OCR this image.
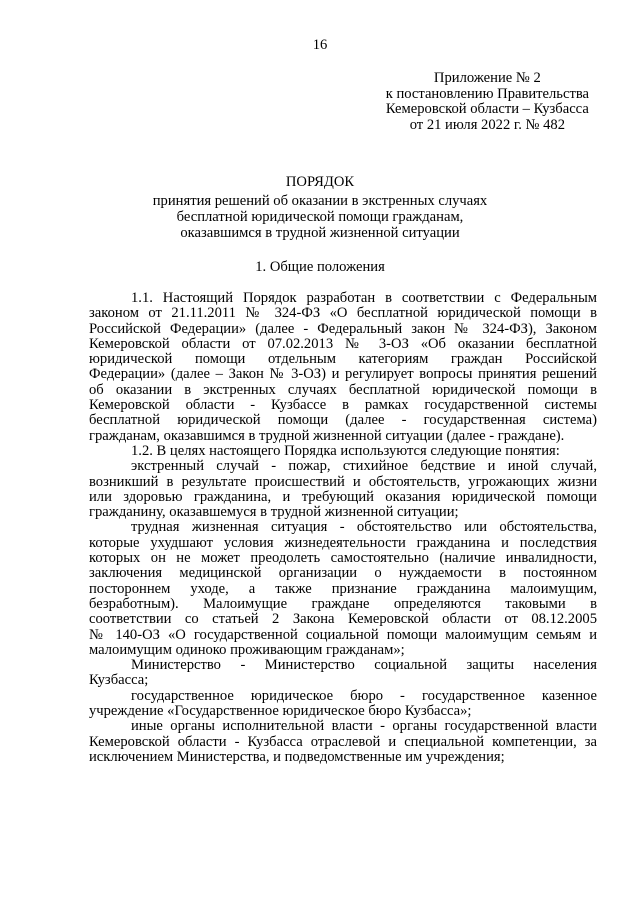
16
Приложение № 2
к постановлению Правительства
Кемеровской области – Кузбасса
от 21 июля 2022 г. № 482
ПОРЯДОК
принятия решений об оказании в экстренных случаях
бесплатной юридической помощи гражданам,
оказавшимся в трудной жизненной ситуации
1. Общие положения
1.1. Настоящий Порядок разработан в соответствии с Федеральным
законом от 21.11.2011 № 324-ФЗ «О бесплатной юридической помощи в
Российской Федерации» (далее - Федеральный закон № 324-ФЗ), Законом
Кемеровской области от 07.02.2013 № 3-ОЗ «Об оказании бесплатной
юридической помощи отдельным категориям граждан Российской
Федерации» (далее – Закон № 3-ОЗ) и регулирует вопросы принятия решений
об оказании в экстренных случаях бесплатной юридической помощи в
Кемеровской области - Кузбассе в рамках государственной системы
бесплатной юридической помощи (далее - государственная система)
гражданам, оказавшимся в трудной жизненной ситуации (далее - граждане).
1.2. В целях настоящего Порядка используются следующие понятия:
экстренный случай - пожар, стихийное бедствие и иной случай,
возникший в результате происшествий и обстоятельств, угрожающих жизни
или здоровью гражданина, и требующий оказания юридической помощи
гражданину, оказавшемуся в трудной жизненной ситуации;
трудная жизненная ситуация - обстоятельство или обстоятельства,
которые ухудшают условия жизнедеятельности гражданина и последствия
которых он не может преодолеть самостоятельно (наличие инвалидности,
заключения медицинской организации о нуждаемости в постоянном
постороннем уходе, а также признание гражданина малоимущим,
безработным). Малоимущие граждане определяются таковыми в
соответствии со статьей 2 Закона Кемеровской области от 08.12.2005
№ 140-ОЗ «О государственной социальной помощи малоимущим семьям и
малоимущим одиноко проживающим гражданам»;
Министерство - Министерство социальной защиты населения
Кузбасса;
государственное юридическое бюро - государственное казенное
учреждение «Государственное юридическое бюро Кузбасса»;
иные органы исполнительной власти - органы государственной власти
Кемеровской области - Кузбасса отраслевой и специальной компетенции, за
исключением Министерства, и подведомственные им учреждения;
